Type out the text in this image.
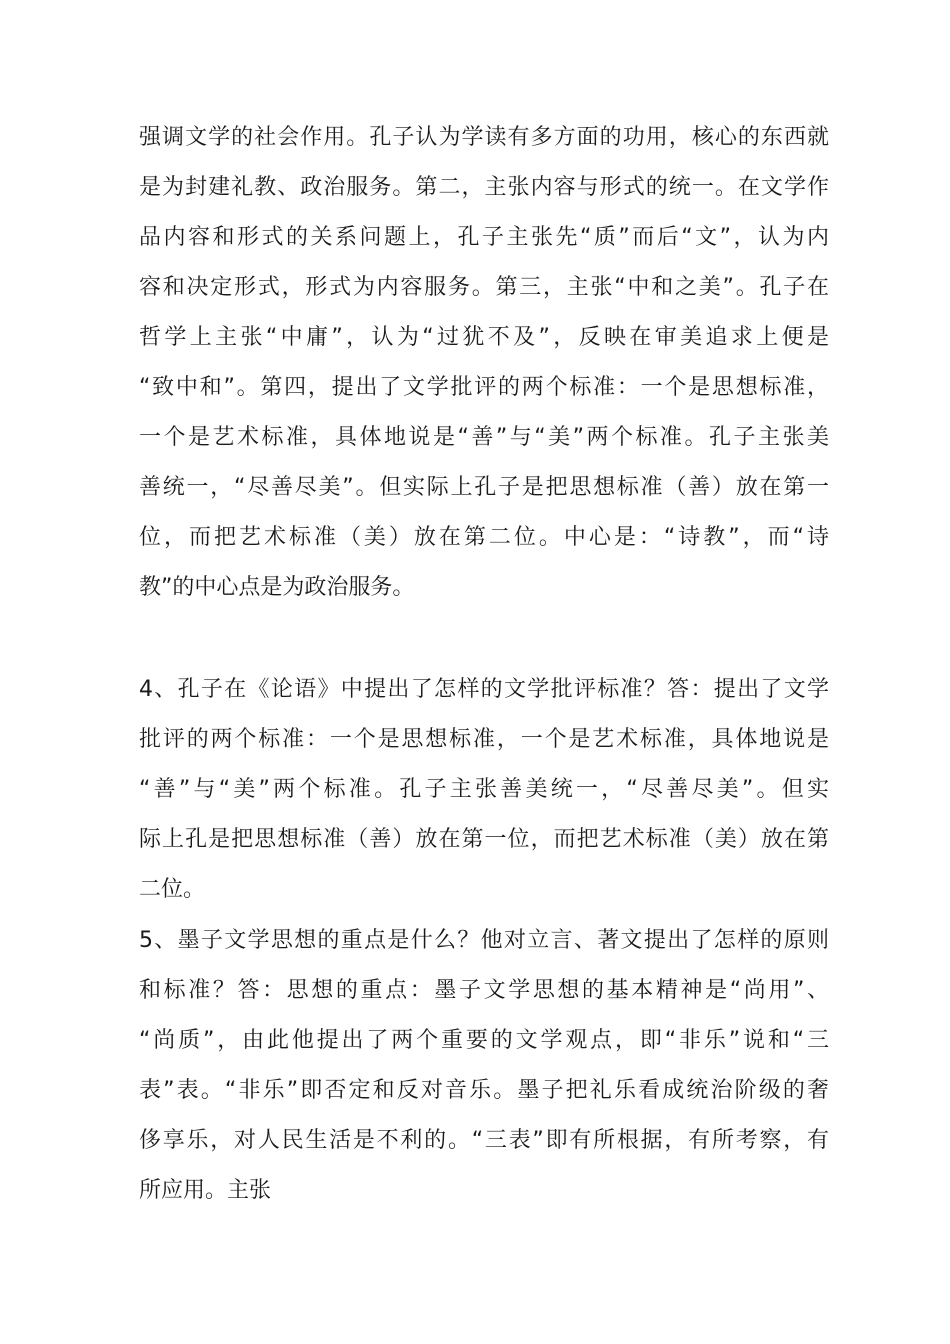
强调文学的社会作用。孔子认为学读有多方面的功用，核心的东西就
是为封建礼教、政治服务。第二，主张内容与形式的统一。在文学作
品内容和形式的关系问题上，孔子主张先“质”而后“文”，认为内
容和决定形式，形式为内容服务。第三，主张“中和之美”。孔子在
哲学上主张“中庸”，认为“过犹不及”，反映在审美追求上便是
“致中和”。第四，提出了文学批评的两个标准：一个是思想标准，
一个是艺术标准，具体地说是“善”与“美”两个标准。孔子主张美
善统一，“尽善尽美”。但实际上孔子是把思想标准（善）放在第一
位，而把艺术标准（美）放在第二位。中心是：“诗教”，而“诗
教”的中心点是为政治服务。
4、孔子在《论语》中提出了怎样的文学批评标准？答：提出了文学
批评的两个标准：一个是思想标准，一个是艺术标准，具体地说是
“善”与“美”两个标准。孔子主张善美统一，“尽善尽美”。但实
际上孔是把思想标准（善）放在第一位，而把艺术标准（美）放在第
二位。
5、墨子文学思想的重点是什么？他对立言、著文提出了怎样的原则
和标准？答：思想的重点：墨子文学思想的基本精神是“尚用”、
“尚质”，由此他提出了两个重要的文学观点，即“非乐”说和“三
表”表。“非乐”即否定和反对音乐。墨子把礼乐看成统治阶级的奢
侈享乐，对人民生活是不利的。“三表”即有所根据，有所考察，有
所应用。主张
